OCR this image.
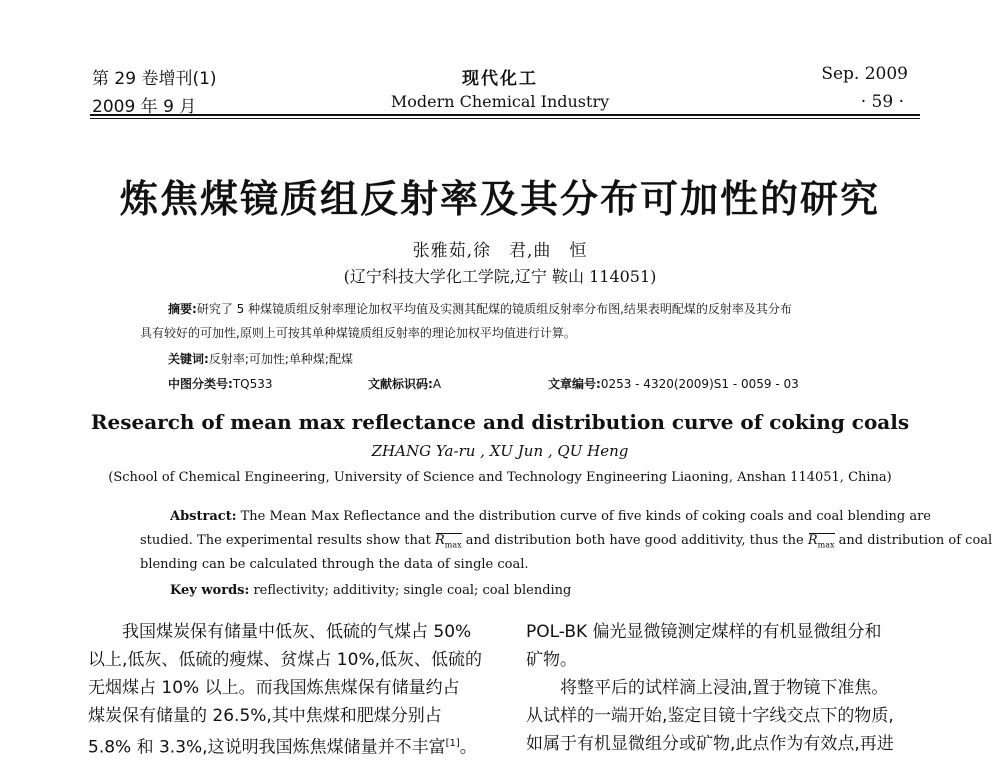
第 29 卷增刊(1)
2009 年 9 月
现代化工
Modern Chemical Industry
Sep. 2009
· 59 ·
炼焦煤镜质组反射率及其分布可加性的研究
张雅茹,徐　君,曲　恒
(辽宁科技大学化工学院,辽宁 鞍山 114051)
摘要:研究了 5 种煤镜质组反射率理论加权平均值及实测其配煤的镜质组反射率分布图,结果表明配煤的反射率及其分布
具有较好的可加性,原则上可按其单种煤镜质组反射率的理论加权平均值进行计算。
关键词:反射率;可加性;单种煤;配煤
中图分类号:TQ533	文献标识码:A	文章编号:0253 - 4320(2009)S1 - 0059 - 03
Research of mean max reflectance and distribution curve of coking coals
ZHANG Ya-ru , XU Jun , QU Heng
(School of Chemical Engineering, University of Science and Technology Engineering Liaoning, Anshan 114051, China)
Abstract: The Mean Max Reflectance and the distribution curve of five kinds of coking coals and coal blending are
studied. The experimental results show that $R_{max}$ and distribution both have good additivity, thus the $R_{max}$ and distribution of coal
blending can be calculated through the data of single coal.
Key words: reflectivity; additivity; single coal; coal blending
　　我国煤炭保有储量中低灰、低硫的气煤占 50%
以上,低灰、低硫的瘦煤、贫煤占 10%,低灰、低硫的
无烟煤占 10% 以上。而我国炼焦煤保有储量约占
煤炭保有储量的 26.5%,其中焦煤和肥煤分别占
5.8% 和 3.3%,这说明我国炼焦煤储量并不丰富[1]。
POL-BK 偏光显微镜测定煤样的有机显微组分和
矿物。
　　将整平后的试样滴上浸油,置于物镜下准焦。
从试样的一端开始,鉴定目镜十字线交点下的物质,
如属于有机显微组分或矿物,此点作为有效点,再进
